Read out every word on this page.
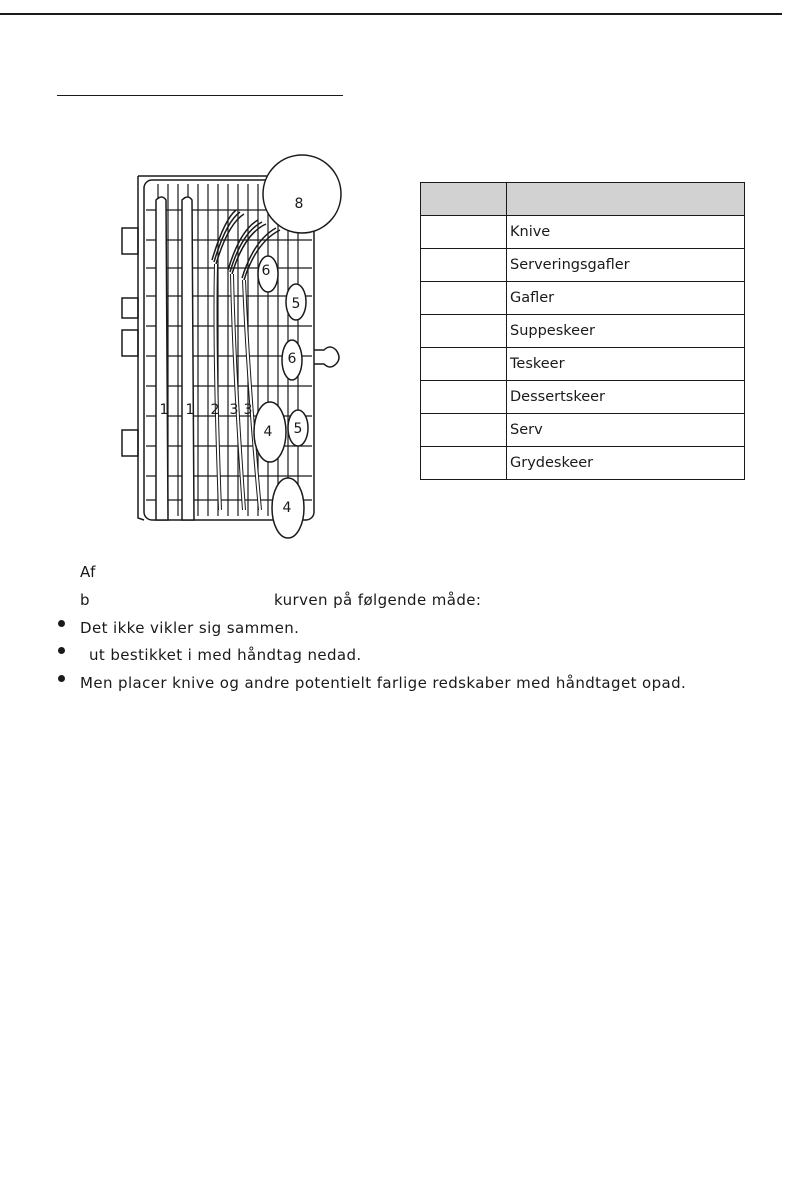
1 1 2 3 3
4
4
5
5
6
6
8

	Knive
	Serveringsgafler
	Gafler
	Suppeskeer
	Teskeer
	Dessertskeer
	Serv
	Grydeskeer
Af
b	kurven på følgende måde:
Det ikke vikler sig sammen.
ut bestikket i med håndtag nedad.
Men placer knive og andre potentielt farlige redskaber med håndtaget opad.
